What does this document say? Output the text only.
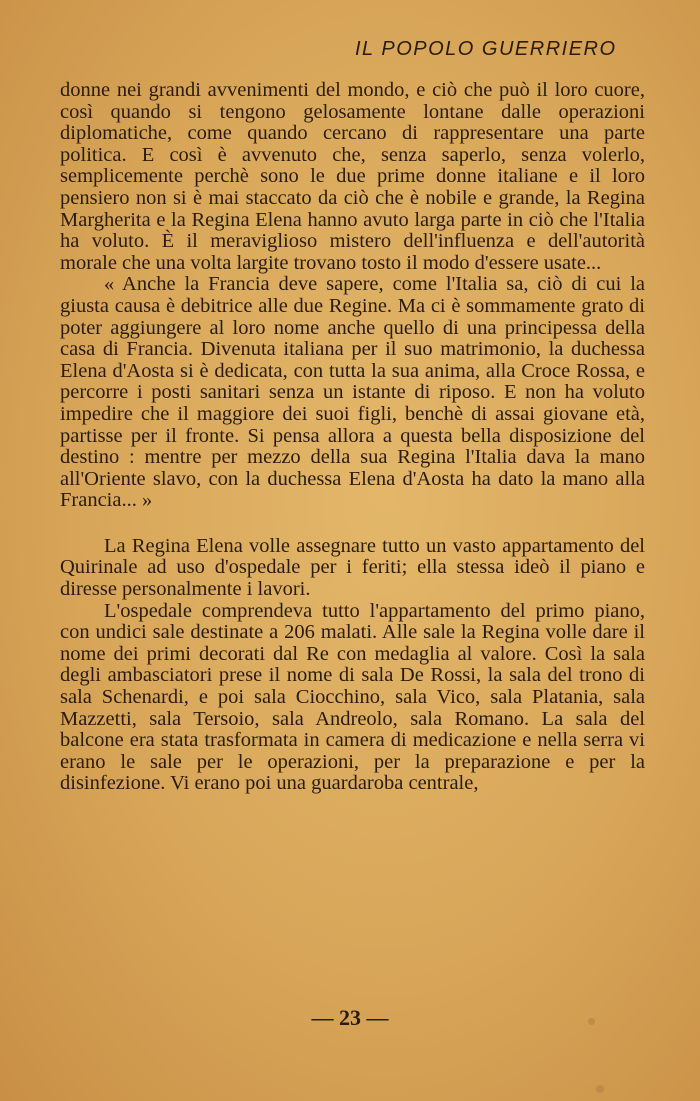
IL POPOLO GUERRIERO

donne nei grandi avvenimenti del mondo, e ciò che può il loro cuore, così quando si tengono gelosamente lontane dalle operazioni diplomatiche, come quando cercano di rappresentare una parte politica. E così è avvenuto che, senza saperlo, senza volerlo, semplicemente perchè sono le due prime donne italiane e il loro pensiero non si è mai staccato da ciò che è nobile e grande, la Regina Margherita e la Regina Elena hanno avuto larga parte in ciò che l'Italia ha voluto. È il meraviglioso mistero dell'influenza e dell'autorità morale che una volta largite trovano tosto il modo d'essere usate...

« Anche la Francia deve sapere, come l'Italia sa, ciò di cui la giusta causa è debitrice alle due Regine. Ma ci è sommamente grato di poter aggiungere al loro nome anche quello di una principessa della casa di Francia. Divenuta italiana per il suo matrimonio, la duchessa Elena d'Aosta si è dedicata, con tutta la sua anima, alla Croce Rossa, e percorre i posti sanitari senza un istante di riposo. E non ha voluto impedire che il maggiore dei suoi figli, benchè di assai giovane età, partisse per il fronte. Si pensa allora a questa bella disposizione del destino : mentre per mezzo della sua Regina l'Italia dava la mano all'Oriente slavo, con la duchessa Elena d'Aosta ha dato la mano alla Francia... »

La Regina Elena volle assegnare tutto un vasto appartamento del Quirinale ad uso d'ospedale per i feriti; ella stessa ideò il piano e diresse personalmente i lavori.

L'ospedale comprendeva tutto l'appartamento del primo piano, con undici sale destinate a 206 malati. Alle sale la Regina volle dare il nome dei primi decorati dal Re con medaglia al valore. Così la sala degli ambasciatori prese il nome di sala De Rossi, la sala del trono di sala Schenardi, e poi sala Ciocchino, sala Vico, sala Platania, sala Mazzetti, sala Tersoio, sala Andreolo, sala Romano. La sala del balcone era stata trasformata in camera di medicazione e nella serra vi erano le sale per le operazioni, per la preparazione e per la disinfezione. Vi erano poi una guardaroba centrale,

— 23 —
